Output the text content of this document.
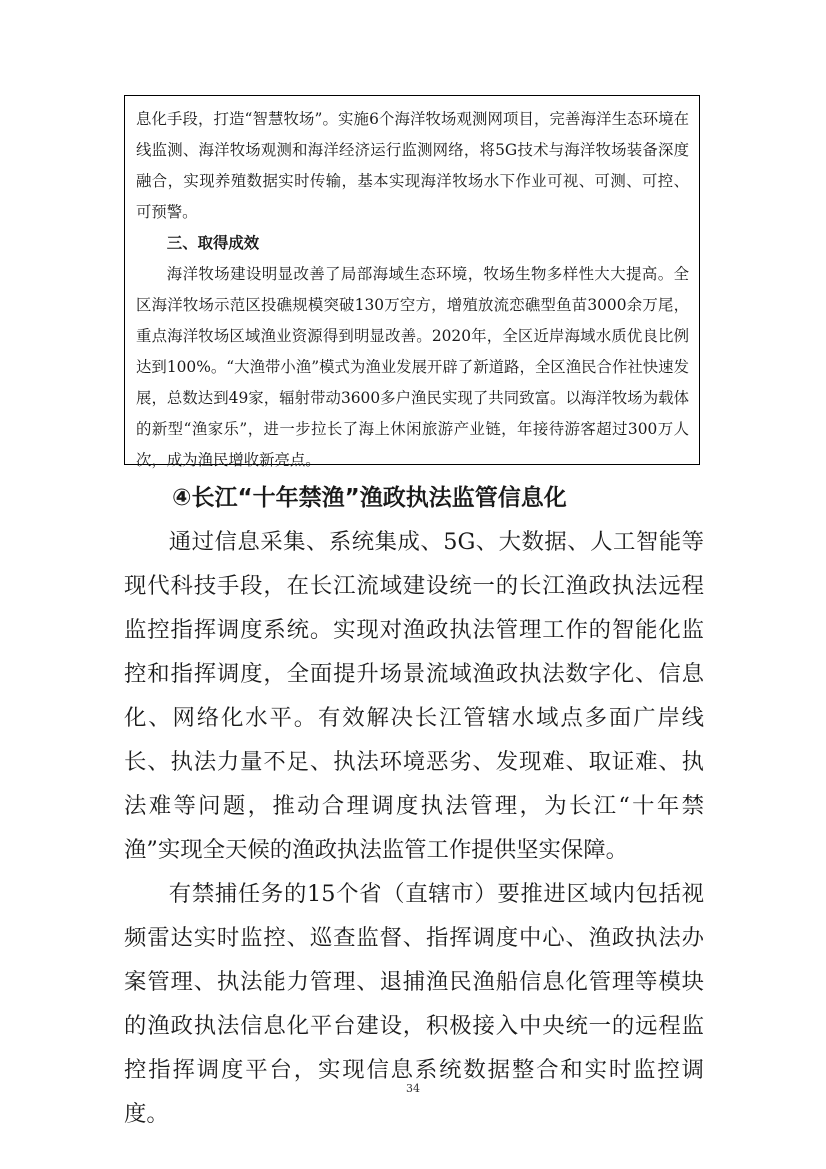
息化手段，打造“智慧牧场”。实施6个海洋牧场观测网项目，完善海洋生态环境在线监测、海洋牧场观测和海洋经济运行监测网络，将5G技术与海洋牧场装备深度融合，实现养殖数据实时传输，基本实现海洋牧场水下作业可视、可测、可控、可预警。

三、取得成效

海洋牧场建设明显改善了局部海域生态环境，牧场生物多样性大大提高。全区海洋牧场示范区投礁规模突破130万空方，增殖放流恋礁型鱼苗3000余万尾，重点海洋牧场区域渔业资源得到明显改善。2020年，全区近岸海域水质优良比例达到100%。“大渔带小渔”模式为渔业发展开辟了新道路，全区渔民合作社快速发展，总数达到49家，辐射带动3600多户渔民实现了共同致富。以海洋牧场为载体的新型“渔家乐”，进一步拉长了海上休闲旅游产业链，年接待游客超过300万人次，成为渔民增收新亮点。

④长江“十年禁渔”渔政执法监管信息化

通过信息采集、系统集成、5G、大数据、人工智能等现代科技手段，在长江流域建设统一的长江渔政执法远程监控指挥调度系统。实现对渔政执法管理工作的智能化监控和指挥调度，全面提升场景流域渔政执法数字化、信息化、网络化水平。有效解决长江管辖水域点多面广岸线长、执法力量不足、执法环境恶劣、发现难、取证难、执法难等问题，推动合理调度执法管理，为长江“十年禁渔”实现全天候的渔政执法监管工作提供坚实保障。

有禁捕任务的15个省（直辖市）要推进区域内包括视频雷达实时监控、巡查监督、指挥调度中心、渔政执法办案管理、执法能力管理、退捕渔民渔船信息化管理等模块的渔政执法信息化平台建设，积极接入中央统一的远程监控指挥调度平台，实现信息系统数据整合和实时监控调度。

34
